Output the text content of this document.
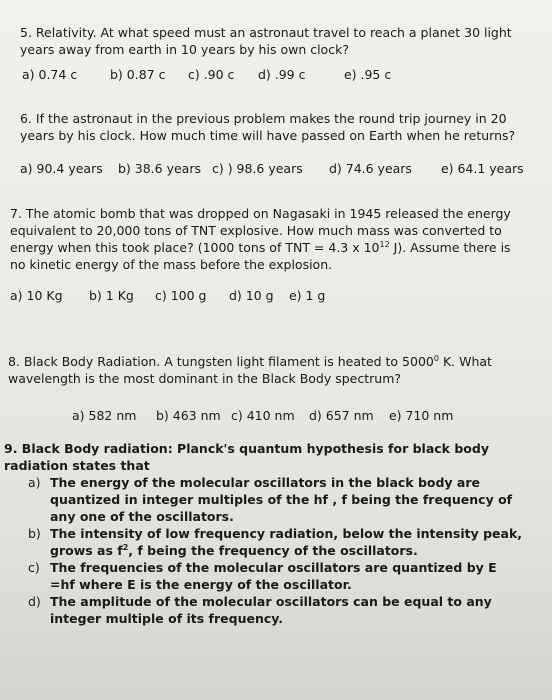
5. Relativity. At what speed must an astronaut travel to reach a planet 30 light years away from earth in 10 years by his own clock?

a) 0.74 c	b) 0.87 c c) .90 c d) .99 c	e) .95 c

6. If the astronaut in the previous problem makes the round trip journey in 20 years by his clock. How much time will have passed on Earth when he returns?

a) 90.4 years b) 38.6 years c) ) 98.6 years d) 74.6 years e) 64.1 years

7. The atomic bomb that was dropped on Nagasaki in 1945 released the energy equivalent to 20,000 tons of TNT explosive. How much mass was converted to energy when this took place? (1000 tons of TNT = 4.3 x $10^{12}$ J). Assume there is no kinetic energy of the mass before the explosion.

a) 10 Kg b) 1 Kg c) 100 g d) 10 g e) 1 g

8. Black Body Radiation. A tungsten light filament is heated to 5000$^0$ K. What wavelength is the most dominant in the Black Body spectrum?

a) 582 nm b) 463 nm c) 410 nm d) 657 nm e) 710 nm

9. Black Body radiation: Planck's quantum hypothesis for black body radiation states that

a) The energy of the molecular oscillators in the black body are quantized in integer multiples of the hf , f being the frequency of any one of the oscillators.
b) The intensity of low frequency radiation, below the intensity peak, grows as $f^2$, f being the frequency of the oscillators.
c) The frequencies of the molecular oscillators are quantized by E =hf where E is the energy of the oscillator.
d) The amplitude of the molecular oscillators can be equal to any integer multiple of its frequency.
